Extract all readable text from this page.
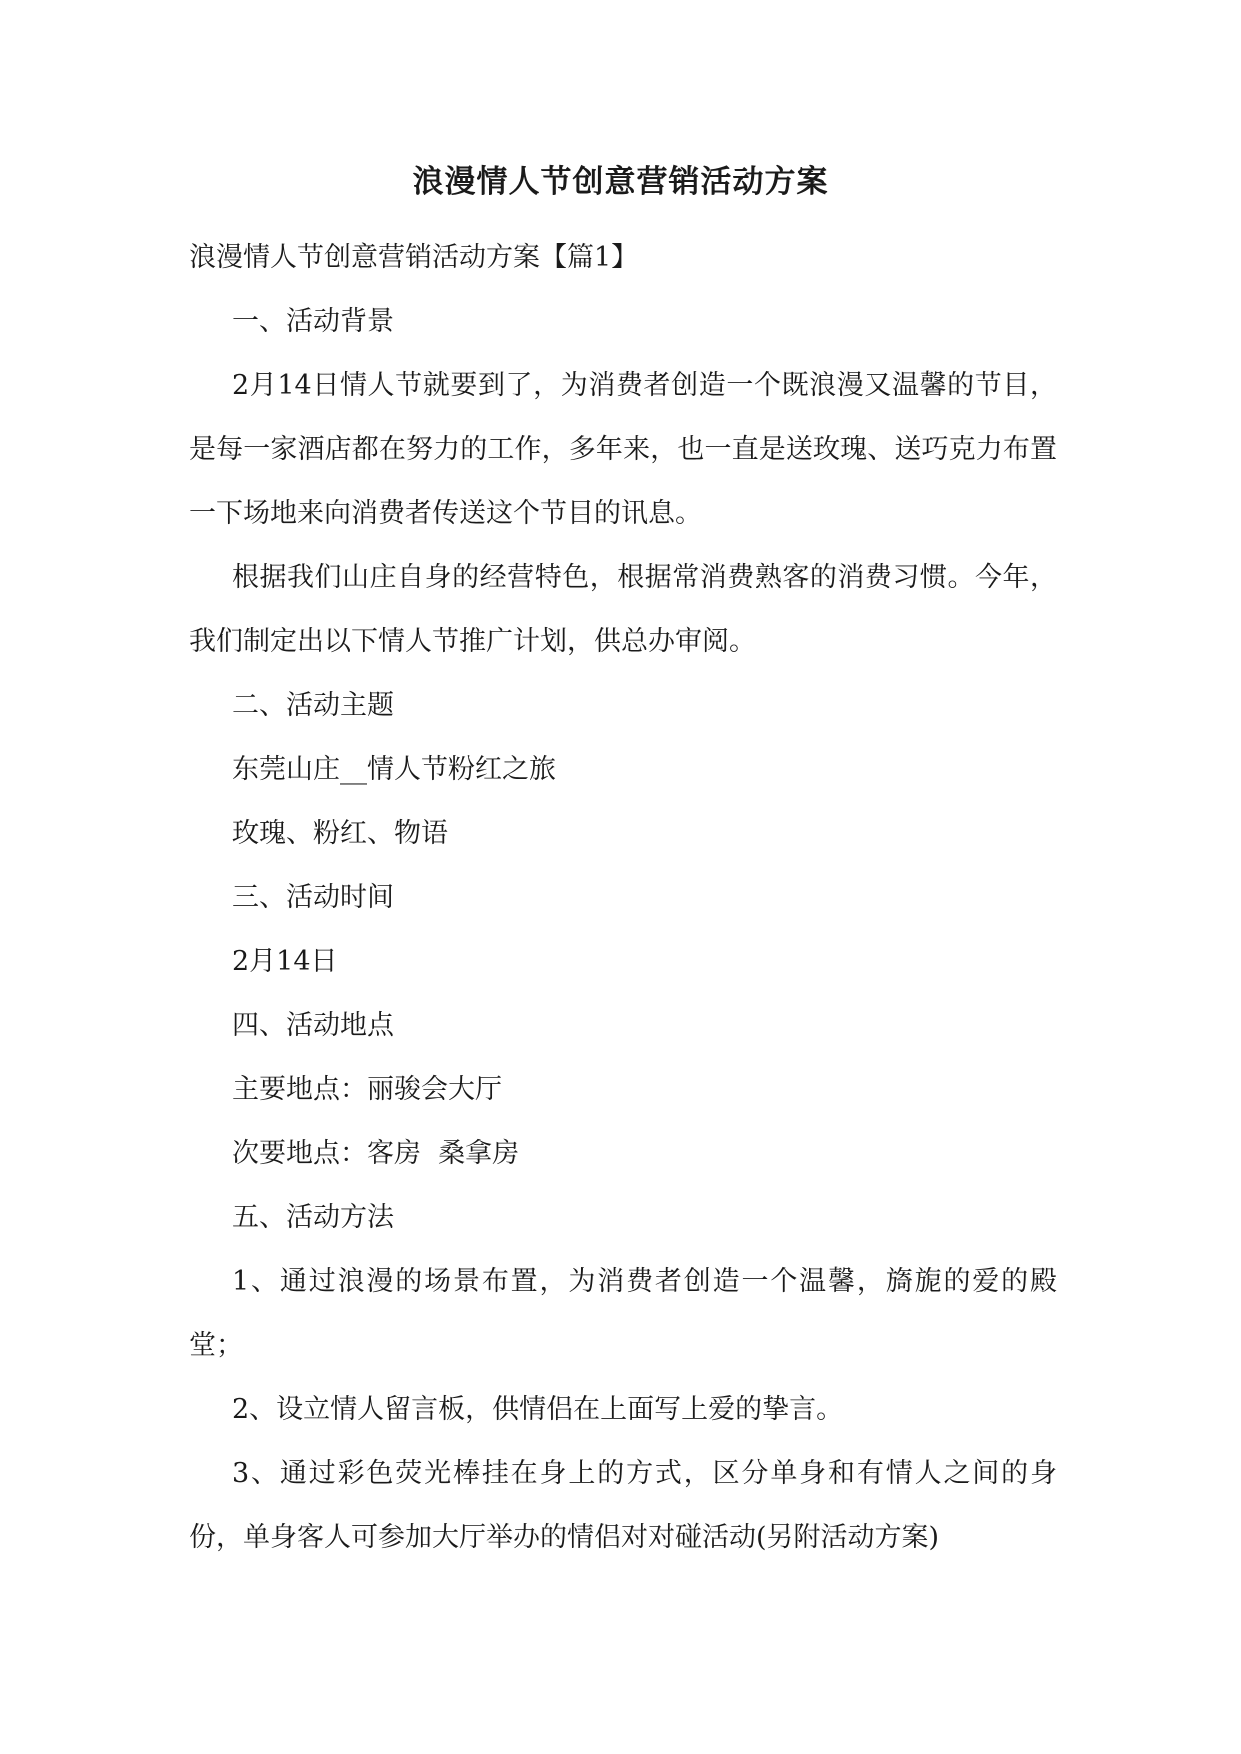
浪漫情人节创意营销活动方案

浪漫情人节创意营销活动方案【篇1】

一、活动背景

2月14日情人节就要到了，为消费者创造一个既浪漫又温馨的节目，是每一家酒店都在努力的工作，多年来，也一直是送玫瑰、送巧克力布置一下场地来向消费者传送这个节目的讯息。

根据我们山庄自身的经营特色，根据常消费熟客的消费习惯。今年，我们制定出以下情人节推广计划，供总办审阅。

二、活动主题

东莞山庄__情人节粉红之旅

玫瑰、粉红、物语

三、活动时间

2月14日

四、活动地点

主要地点：丽骏会大厅

次要地点：客房  桑拿房

五、活动方法

1、通过浪漫的场景布置，为消费者创造一个温馨，旖旎的爱的殿堂；

2、设立情人留言板，供情侣在上面写上爱的挚言。

3、通过彩色荧光棒挂在身上的方式，区分单身和有情人之间的身份，单身客人可参加大厅举办的情侣对对碰活动(另附活动方案)
